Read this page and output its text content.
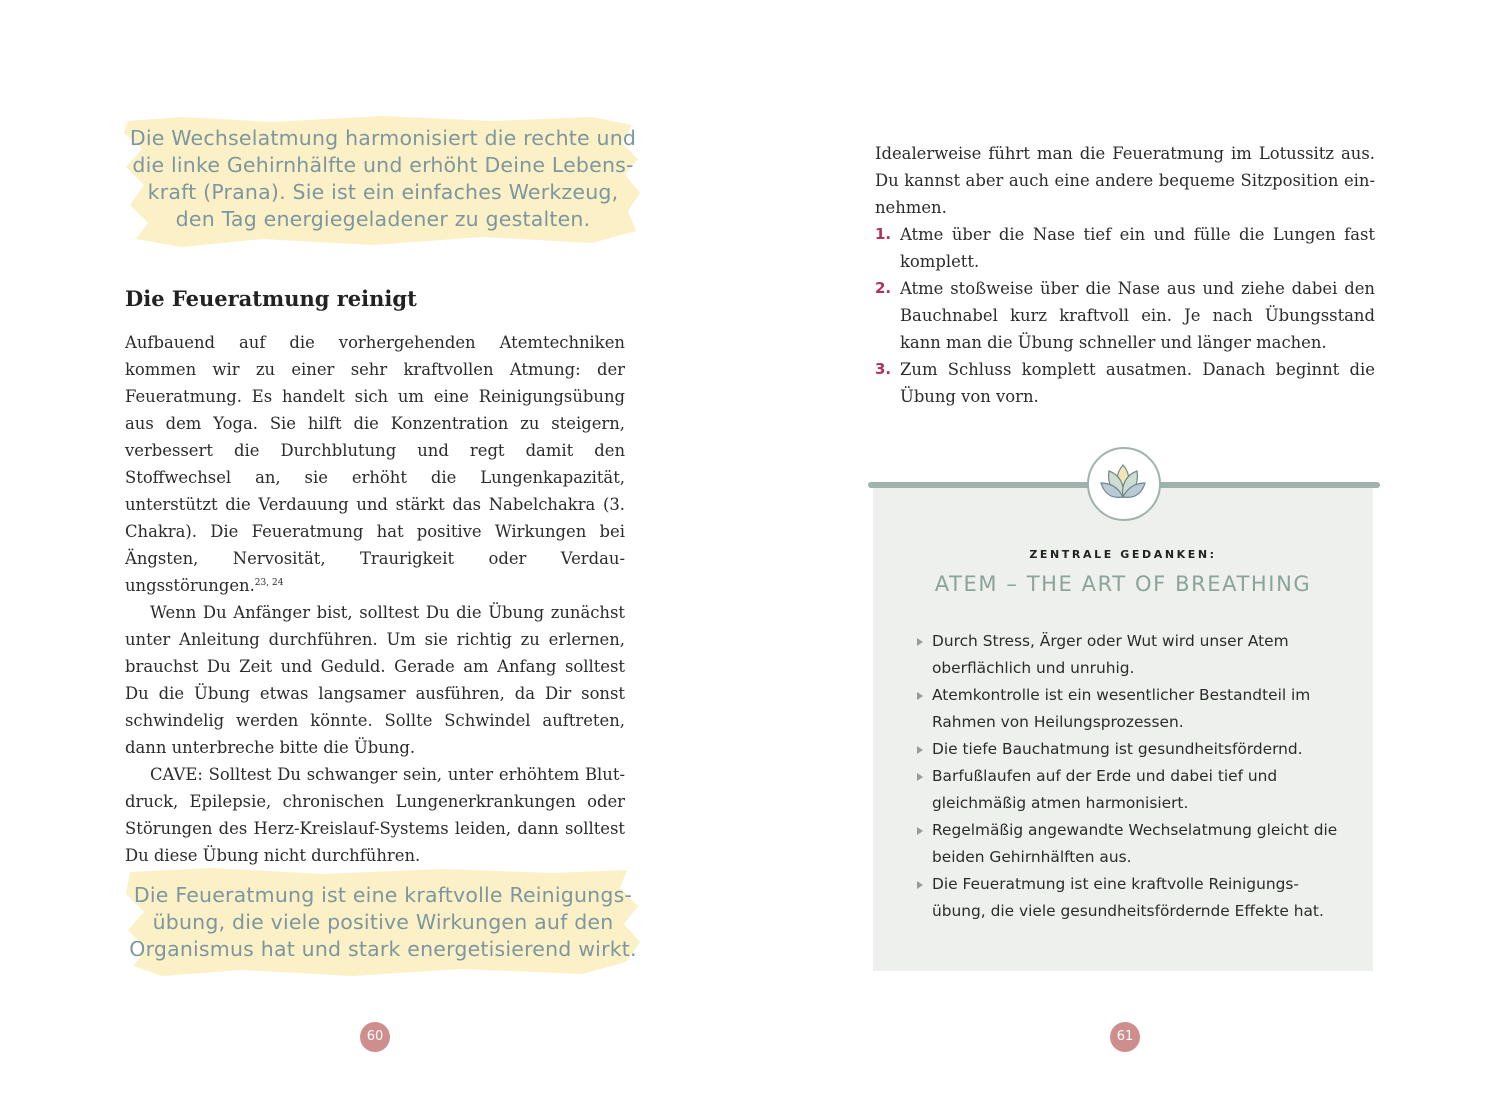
Die Wechselatmung harmonisiert die rechte und
die linke Gehirnhälfte und erhöht Deine Lebens-
kraft (Prana). Sie ist ein einfaches Werkzeug,
den Tag energiegeladener zu gestalten.

Die Feueratmung reinigt

Aufbauend auf die vorhergehenden Atemtechniken kommen wir zu einer sehr kraftvollen Atmung: der Feueratmung. Es handelt sich um eine Reinigungsübung aus dem Yoga. Sie hilft die Konzentration zu steigern, verbessert die Durchblutung und regt damit den Stoffwechsel an, sie erhöht die Lungenkapazität, unterstützt die Verdauung und stärkt das Nabelchakra (3. Chakra). Die Feueratmung hat positive Wirkungen bei Ängsten, Nervosität, Traurigkeit oder Verdauungsstörungen.$^{23, 24}$

Wenn Du Anfänger bist, solltest Du die Übung zunächst unter Anleitung durchführen. Um sie richtig zu erlernen, brauchst Du Zeit und Geduld. Gerade am Anfang solltest Du die Übung etwas langsamer ausführen, da Dir sonst schwindelig werden könnte. Sollte Schwindel auftreten, dann unterbreche bitte die Übung.

CAVE: Solltest Du schwanger sein, unter erhöhtem Blutdruck, Epilepsie, chronischen Lungenerkrankungen oder Störungen des Herz-Kreislauf-Systems leiden, dann solltest Du diese Übung nicht durchführen.

Die Feueratmung ist eine kraftvolle Reinigungs-
übung, die viele positive Wirkungen auf den
Organismus hat und stark energetisierend wirkt.

60

Idealerweise führt man die Feueratmung im Lotussitz aus. Du kannst aber auch eine andere bequeme Sitzposition einnehmen.

1. Atme über die Nase tief ein und fülle die Lungen fast komplett.
2. Atme stoßweise über die Nase aus und ziehe dabei den Bauchnabel kurz kraftvoll ein. Je nach Übungsstand kann man die Übung schneller und länger machen.
3. Zum Schluss komplett ausatmen. Danach beginnt die Übung von vorn.
ZENTRALE GEDANKEN:
ATEM – THE ART OF BREATHING
Durch Stress, Ärger oder Wut wird unser Atem oberflächlich und unruhig.
Atemkontrolle ist ein wesentlicher Bestandteil im Rahmen von Heilungsprozessen.
Die tiefe Bauchatmung ist gesundheitsfördernd.
Barfußlaufen auf der Erde und dabei tief und gleichmäßig atmen harmonisiert.
Regelmäßig angewandte Wechselatmung gleicht die beiden Gehirnhälften aus.
Die Feueratmung ist eine kraftvolle Reinigungsübung, die viele gesundheitsfördernde Effekte hat.
61
